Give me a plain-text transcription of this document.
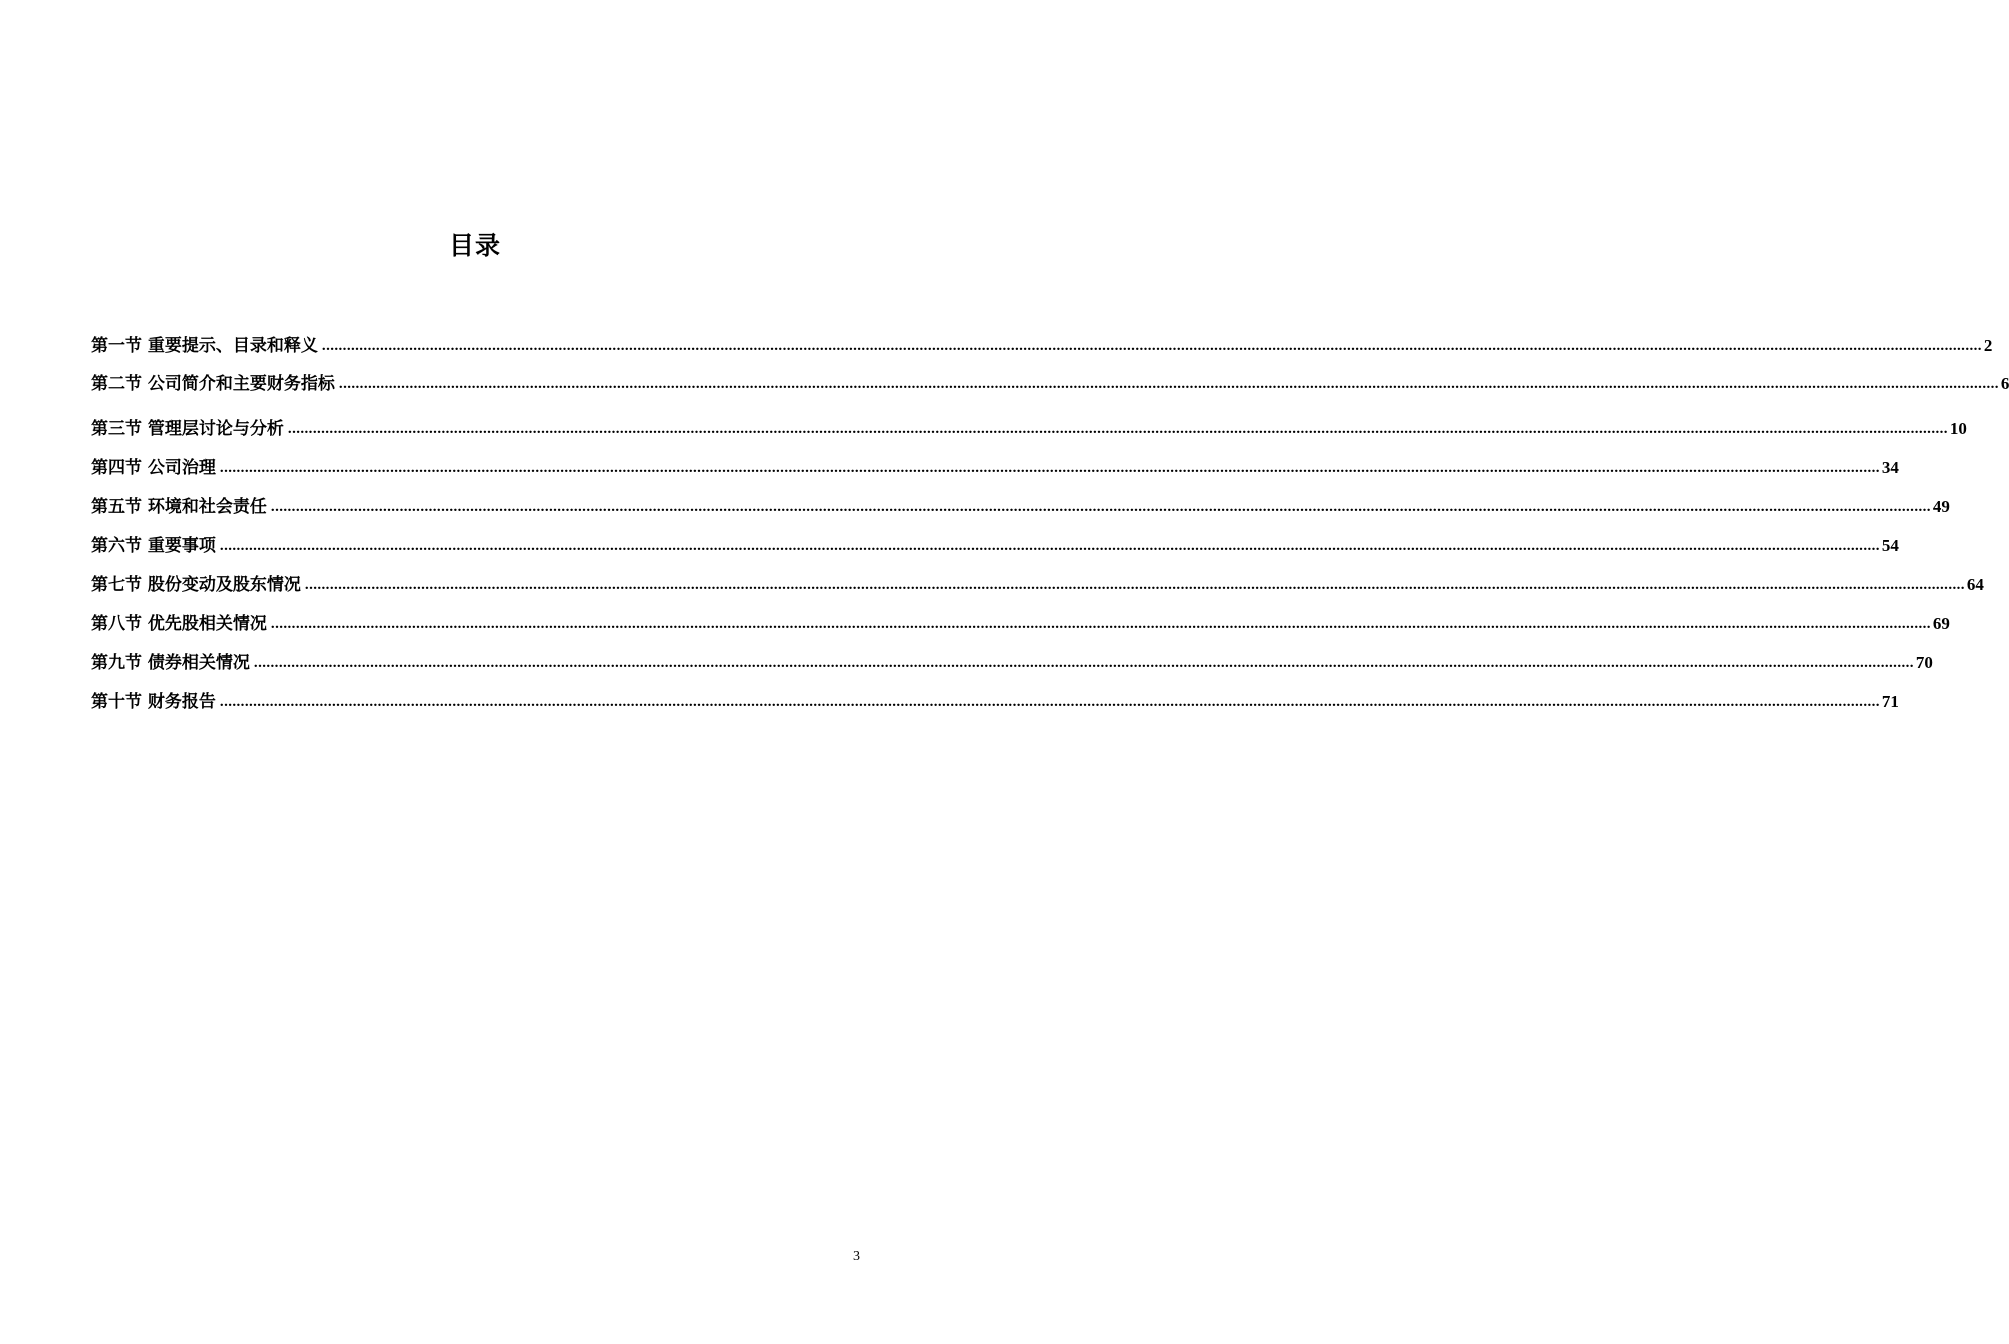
目录
第一节 重要提示、目录和释义 ................................................................................................................................................................................................................................................................................................................................................................................................................ 2
第二节 公司简介和主要财务指标 ................................................................................................................................................................................................................................................................................................................................................................................................................ 6
第三节 管理层讨论与分析 ................................................................................................................................................................................................................................................................................................................................................................................................................ 10
第四节 公司治理 ................................................................................................................................................................................................................................................................................................................................................................................................................ 34
第五节 环境和社会责任 ................................................................................................................................................................................................................................................................................................................................................................................................................ 49
第六节 重要事项 ................................................................................................................................................................................................................................................................................................................................................................................................................ 54
第七节 股份变动及股东情况 ................................................................................................................................................................................................................................................................................................................................................................................................................ 64
第八节 优先股相关情况 ................................................................................................................................................................................................................................................................................................................................................................................................................ 69
第九节 债券相关情况 ................................................................................................................................................................................................................................................................................................................................................................................................................ 70
第十节 财务报告 ................................................................................................................................................................................................................................................................................................................................................................................................................ 71
3
